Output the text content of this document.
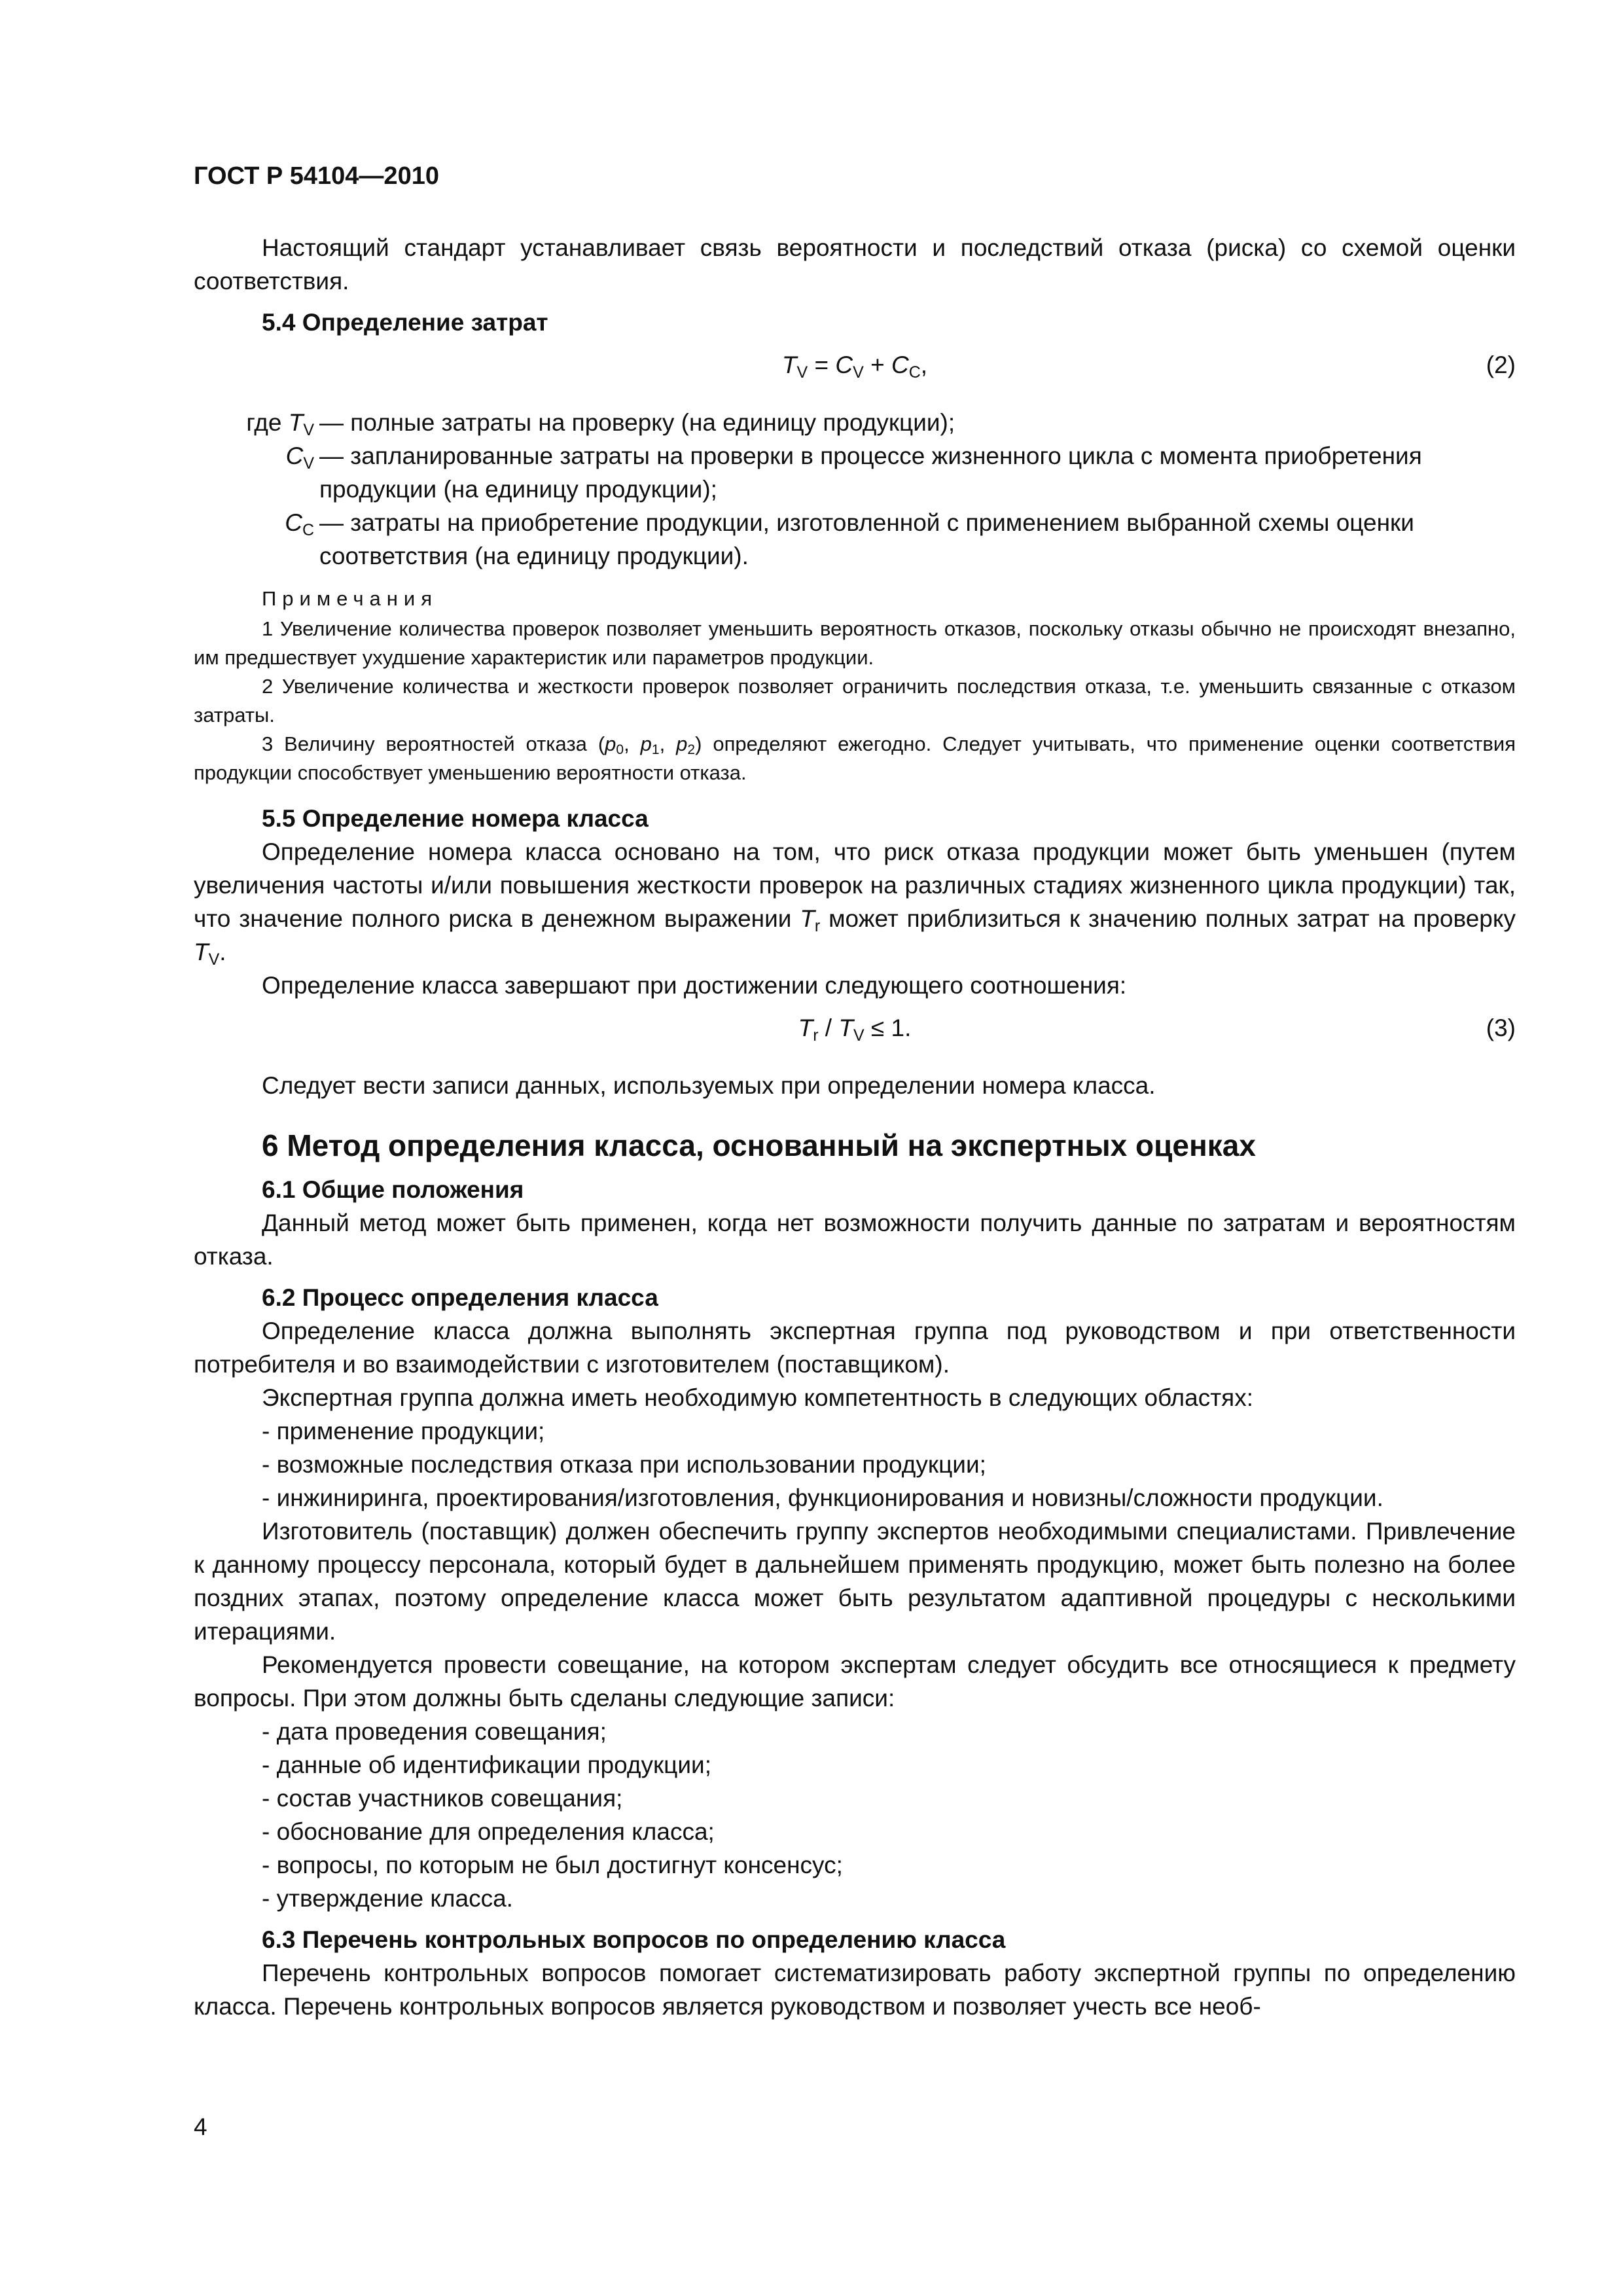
ГОСТ Р 54104—2010

Настоящий стандарт устанавливает связь вероятности и последствий отказа (риска) со схемой оценки соответствия.

5.4 Определение затрат
$T_V = C_V + C_C$,	(2)
где $T_V$ — полные затраты на проверку (на единицу продукции);
$C_V$ — запланированные затраты на проверки в процессе жизненного цикла с момента приобретения продукции (на единицу продукции);
$C_C$ — затраты на приобретение продукции, изготовленной с применением выбранной схемы оценки соответствия (на единицу продукции).
Примечания

1 Увеличение количества проверок позволяет уменьшить вероятность отказов, поскольку отказы обычно не происходят внезапно, им предшествует ухудшение характеристик или параметров продукции.

2 Увеличение количества и жесткости проверок позволяет ограничить последствия отказа, т.е. уменьшить связанные с отказом затраты.

3 Величину вероятностей отказа ($p_0$, $p_1$, $p_2$) определяют ежегодно. Следует учитывать, что применение оценки соответствия продукции способствует уменьшению вероятности отказа.

5.5 Определение номера класса

Определение номера класса основано на том, что риск отказа продукции может быть уменьшен (путем увеличения частоты и/или повышения жесткости проверок на различных стадиях жизненного цикла продукции) так, что значение полного риска в денежном выражении $T_r$ может приблизиться к значению полных затрат на проверку $T_V$.

Определение класса завершают при достижении следующего соотношения:

$T_r / T_V \le 1$.	(3)

Следует вести записи данных, используемых при определении номера класса.

6 Метод определения класса, основанный на экспертных оценках
6.1 Общие положения

Данный метод может быть применен, когда нет возможности получить данные по затратам и вероятностям отказа.

6.2 Процесс определения класса

Определение класса должна выполнять экспертная группа под руководством и при ответственности потребителя и во взаимодействии с изготовителем (поставщиком).

Экспертная группа должна иметь необходимую компетентность в следующих областях:

- применение продукции;
- возможные последствия отказа при использовании продукции;
- инжиниринга, проектирования/изготовления, функционирования и новизны/сложности продукции.

Изготовитель (поставщик) должен обеспечить группу экспертов необходимыми специалистами. Привлечение к данному процессу персонала, который будет в дальнейшем применять продукцию, может быть полезно на более поздних этапах, поэтому определение класса может быть результатом адаптивной процедуры с несколькими итерациями.

Рекомендуется провести совещание, на котором экспертам следует обсудить все относящиеся к предмету вопросы. При этом должны быть сделаны следующие записи:

- дата проведения совещания;
- данные об идентификации продукции;
- состав участников совещания;
- обоснование для определения класса;
- вопросы, по которым не был достигнут консенсус;
- утверждение класса.
6.3 Перечень контрольных вопросов по определению класса

Перечень контрольных вопросов помогает систематизировать работу экспертной группы по определению класса. Перечень контрольных вопросов является руководством и позволяет учесть все необ-

4
